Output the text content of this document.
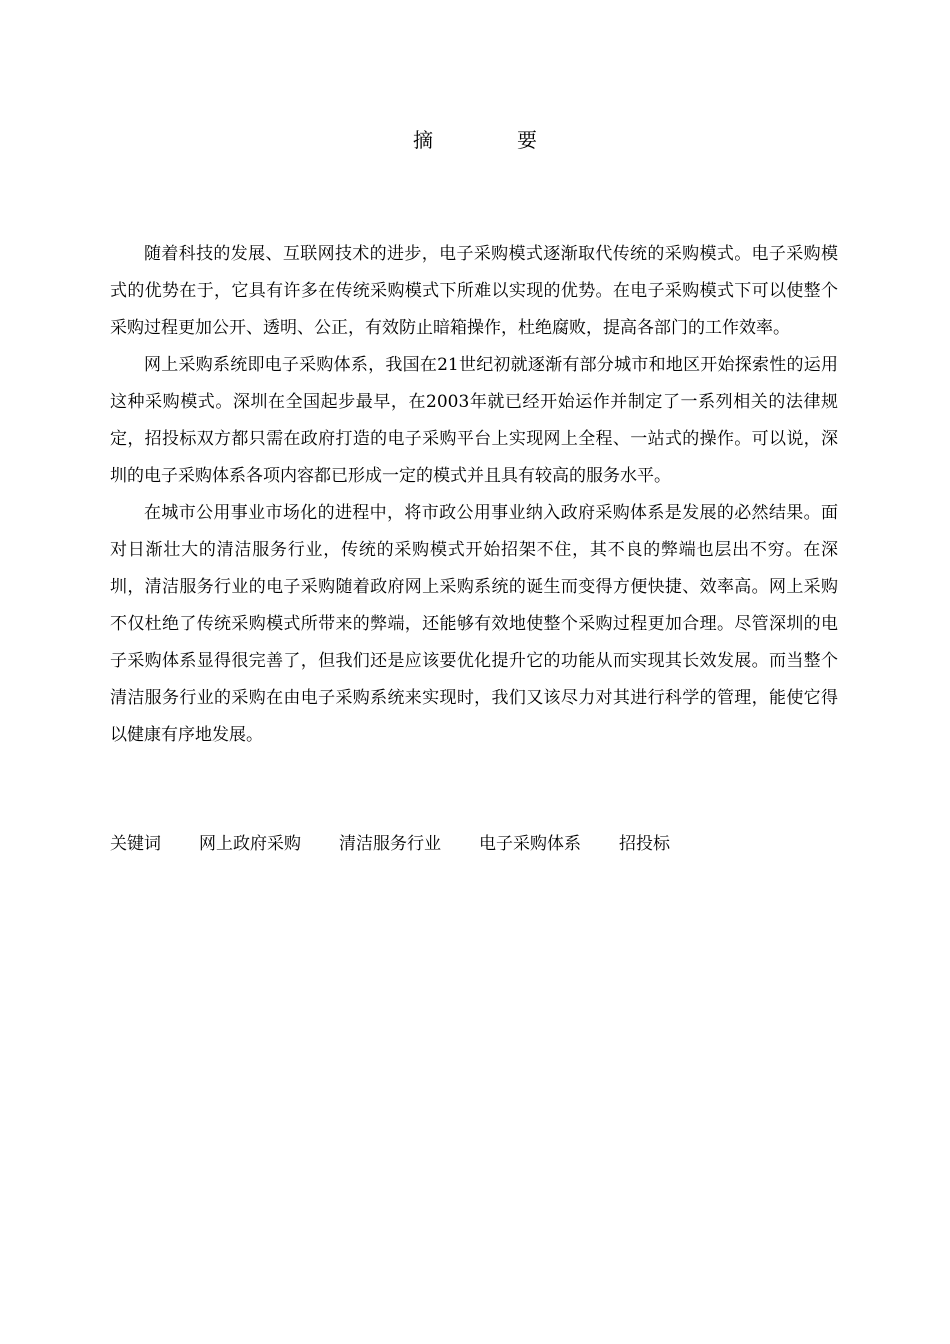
摘	要

随着科技的发展、互联网技术的进步，电子采购模式逐渐取代传统的采购模式。电子采购模式的优势在于，它具有许多在传统采购模式下所难以实现的优势。在电子采购模式下可以使整个采购过程更加公开、透明、公正，有效防止暗箱操作，杜绝腐败，提高各部门的工作效率。

网上采购系统即电子采购体系，我国在21世纪初就逐渐有部分城市和地区开始探索性的运用这种采购模式。深圳在全国起步最早，在2003年就已经开始运作并制定了一系列相关的法律规定，招投标双方都只需在政府打造的电子采购平台上实现网上全程、一站式的操作。可以说，深圳的电子采购体系各项内容都已形成一定的模式并且具有较高的服务水平。

在城市公用事业市场化的进程中，将市政公用事业纳入政府采购体系是发展的必然结果。面对日渐壮大的清洁服务行业，传统的采购模式开始招架不住，其不良的弊端也层出不穷。在深圳，清洁服务行业的电子采购随着政府网上采购系统的诞生而变得方便快捷、效率高。网上采购不仅杜绝了传统采购模式所带来的弊端，还能够有效地使整个采购过程更加合理。尽管深圳的电子采购体系显得很完善了，但我们还是应该要优化提升它的功能从而实现其长效发展。而当整个清洁服务行业的采购在由电子采购系统来实现时，我们又该尽力对其进行科学的管理，能使它得以健康有序地发展。

关键词 网上政府采购 清洁服务行业 电子采购体系 招投标
